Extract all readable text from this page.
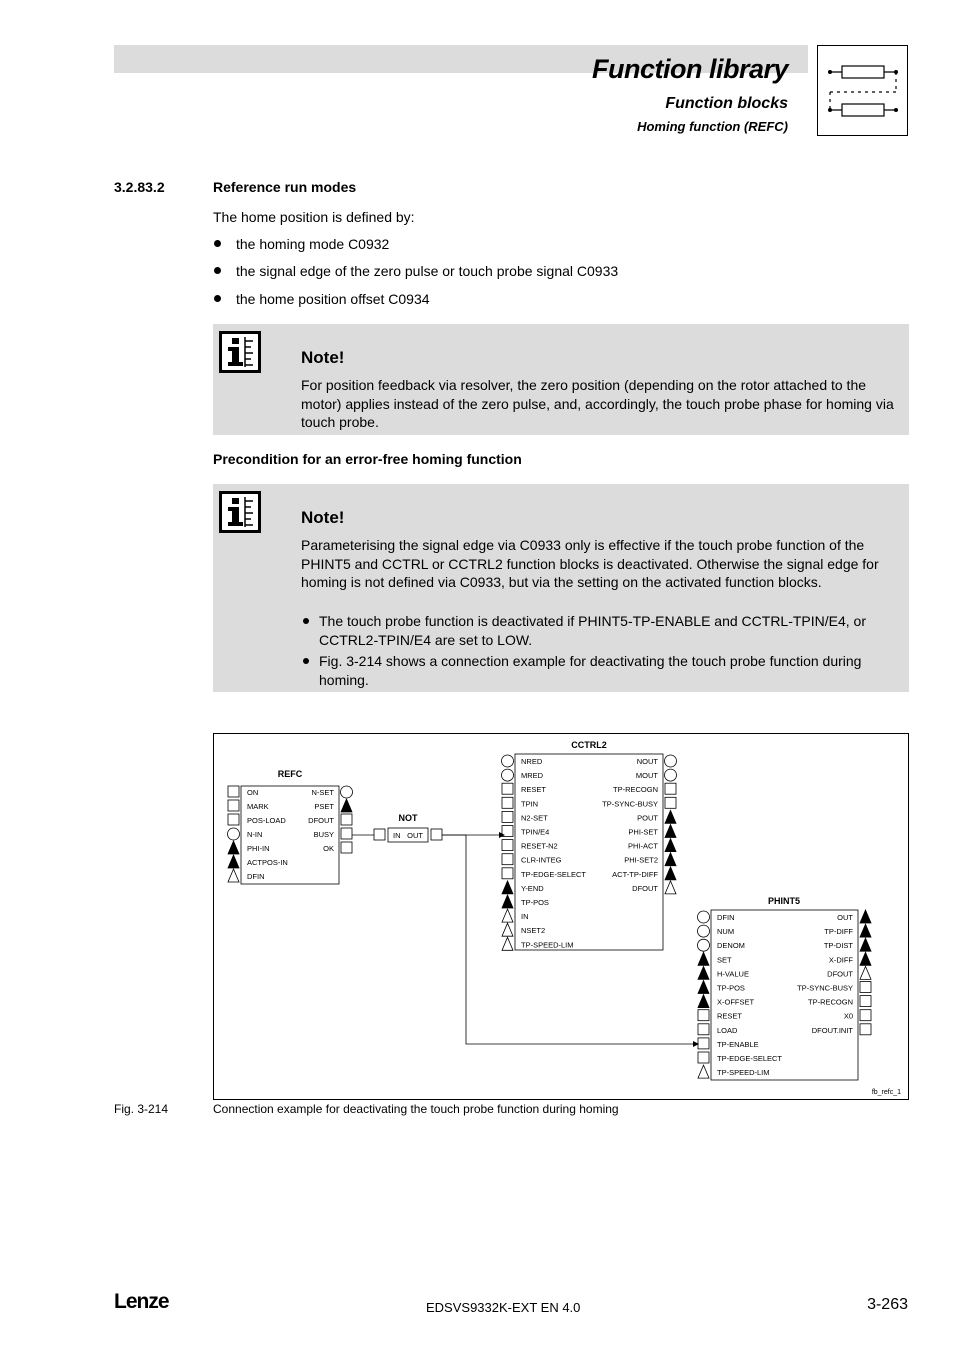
Function library
Function blocks
Homing function (REFC)
3.2.83.2	Reference run modes
The home position is defined by:
the homing mode C0932
the signal edge of the zero pulse or touch probe signal C0933
the home position offset C0934
Note!
For position feedback via resolver, the zero position (depending on the rotor attached to the motor) applies instead of the zero pulse, and, accordingly, the touch probe phase for homing via touch probe.
Precondition for an error-free homing function
Note!
Parameterising the signal edge via C0933 only is effective if the touch probe function of the PHINT5 and CCTRL or CCTRL2 function blocks is deactivated. Otherwise the signal edge for homing is not defined via C0933, but via the setting on the activated function blocks.
The touch probe function is deactivated if PHINT5-TP-ENABLE and CCTRL-TPIN/E4, or CCTRL2-TPIN/E4 are set to LOW.
Fig. 3-214 shows a connection example for deactivating the touch probe function during homing.
REFC
ON
MARK
POS-LOAD
N-IN
PHI-IN
ACTPOS-IN
DFIN
N-SET
PSET
DFOUT
BUSY
OK
NOT
IN OUT
CCTRL2
NRED
MRED
RESET
TPIN
N2-SET
TPIN/E4
RESET-N2
CLR-INTEG
TP-EDGE-SELECT
Y-END
TP-POS
IN
NSET2
TP-SPEED-LIM
NOUT
MOUT
TP-RECOGN
TP-SYNC-BUSY
POUT
PHI-SET
PHI-ACT
PHI-SET2
ACT-TP-DIFF
DFOUT
PHINT5
DFIN
NUM
DENOM
SET
H-VALUE
TP-POS
X-OFFSET
RESET
LOAD
TP-ENABLE
TP-EDGE-SELECT
TP-SPEED-LIM
OUT
TP-DIFF
TP-DIST
X-DIFF
DFOUT
TP-SYNC-BUSY
TP-RECOGN
X0
DFOUT.INIT
fb_refc_1
Fig. 3-214	Connection example for deactivating the touch probe function during homing
Lenze	EDSVS9332K-EXT EN 4.0	3-263
